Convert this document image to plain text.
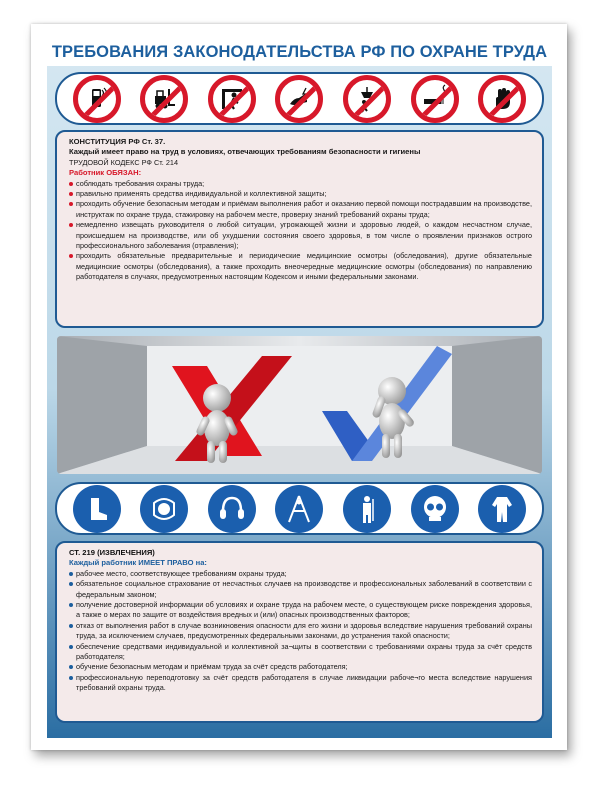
ТРЕБОВАНИЯ ЗАКОНОДАТЕЛЬСТВА РФ ПО ОХРАНЕ ТРУДА
КОНСТИТУЦИЯ РФ Ст. 37.
Каждый имеет право на труд в условиях, отвечающих требованиям безопасности и гигиены
ТРУДОВОЙ КОДЕКС РФ Ст. 214
Работник ОБЯЗАН:
соблюдать требования охраны труда;
правильно применять средства индивидуальной и коллективной защиты;
проходить обучение безопасным методам и приёмам выполнения работ и оказанию первой помощи пострадавшим на производстве, инструктаж по охране труда, стажировку на рабочем месте, проверку знаний требований охраны труда;
немедленно извещать руководителя о любой ситуации, угрожающей жизни и здоровью людей, о каждом несчастном случае, происшедшем на производстве, или об ухудшении состояния своего здоровья, в том числе о проявлении признаков острого профессионального заболевания (отравления);
проходить обязательные предварительные и периодические медицинские осмотры (обследования), другие обязательные медицинские осмотры (обследования), а также проходить внеочередные медицинские осмотры (обследования) по направлению работодателя в случаях, предусмотренных настоящим Кодексом и иными федеральными законами.
СТ. 219 (ИЗВЛЕЧЕНИЯ)
Каждый работник ИМЕЕТ ПРАВО на:
рабочее место, соответствующее требованиям охраны труда;
обязательное социальное страхование от несчастных случаев на производстве и профессиональных заболеваний в соответствии с федеральным законом;
получение достоверной информации об условиях и охране труда на рабочем месте, о существующем риске повреждения здоровья, а также о мерах по защите от воздействия вредных и (или) опасных производственных факторов;
отказ от выполнения работ в случае возникновения опасности для его жизни и здоровья вследствие нарушения требований охраны труда, за исключением случаев, предусмотренных федеральными законами, до устранения такой опасности;
обеспечение средствами индивидуальной и коллективной за¬щиты в соответствии с требованиями охраны труда за счёт средств работодателя;
обучение безопасным методам и приёмам труда за счёт средств работодателя;
профессиональную переподготовку за счёт средств работодателя в случае ликвидации рабоче¬го места вследствие нарушения требований охраны труда.
